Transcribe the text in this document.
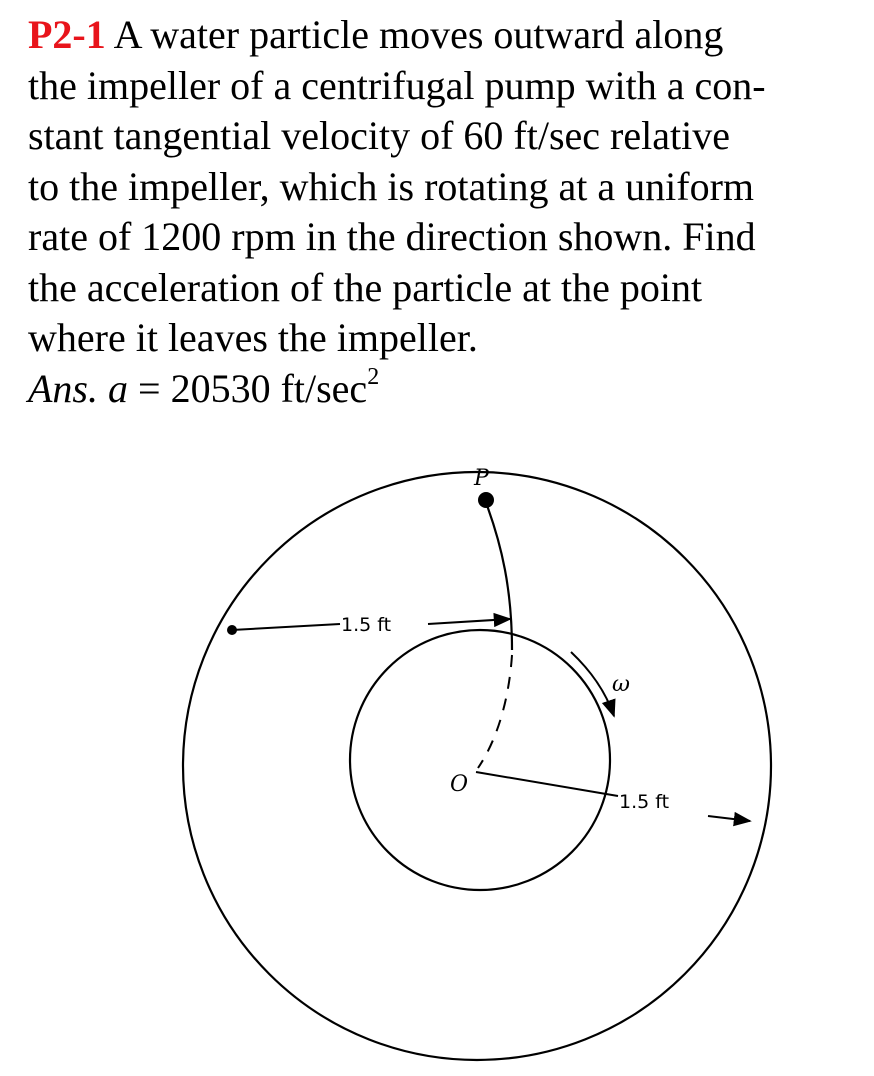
P2-1 A water particle moves outward along
the impeller of a centrifugal pump with a con-
stant tangential velocity of 60 ft/sec relative
to the impeller, which is rotating at a uniform
rate of 1200 rpm in the direction shown. Find
the acceleration of the particle at the point
where it leaves the impeller.
Ans. a = 20530 $ft/\sec^2$
P
1.5 ft
O
1.5 ft
ω
